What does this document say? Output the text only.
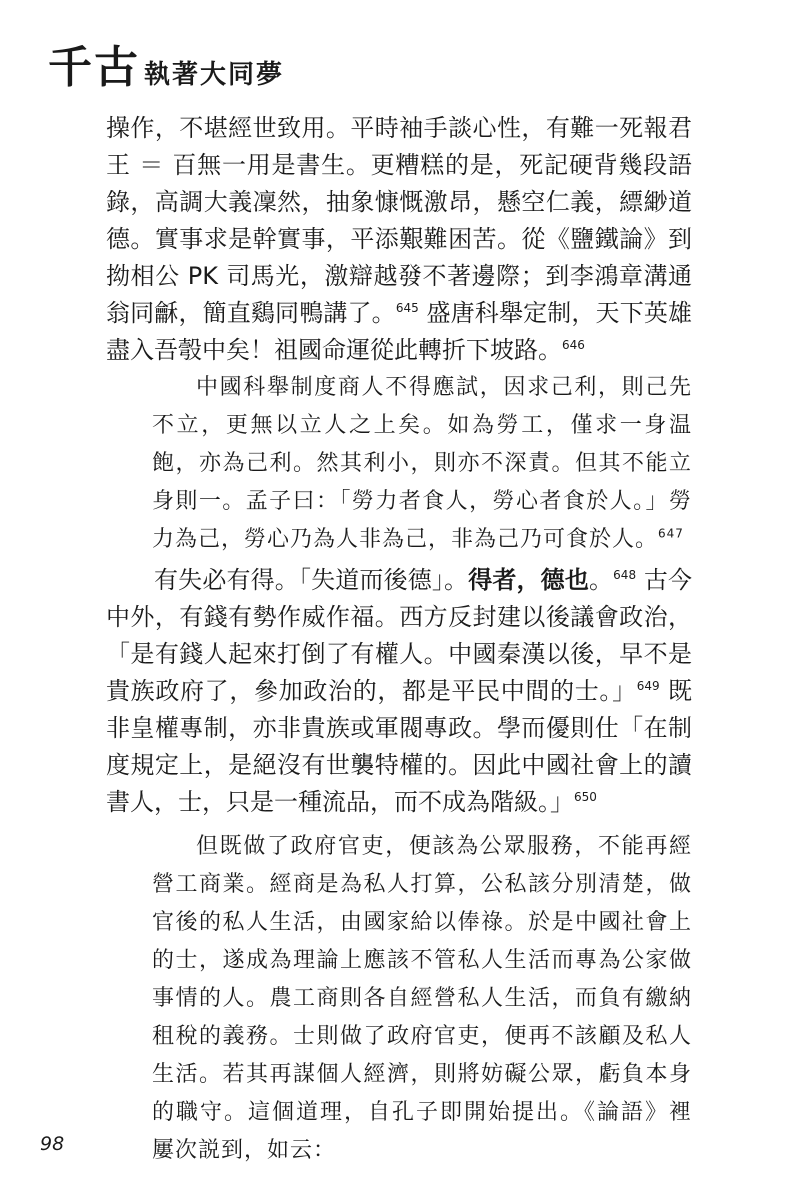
千古 執著大同夢

操作，不堪經世致用。平時袖手談心性，有難一死報君王 ＝ 百無一用是書生。更糟糕的是，死記硬背幾段語錄，高調大義凜然，抽象慷慨激昂，懸空仁義，縹緲道德。實事求是幹實事，平添艱難困苦。從《鹽鐵論》到拗相公 PK 司馬光，激辯越發不著邊際；到李鴻章溝通翁同龢，簡直鷄同鴨講了。$^{645}$ 盛唐科舉定制，天下英雄盡入吾彀中矣！祖國命運從此轉折下坡路。$^{646}$

中國科舉制度商人不得應試，因求己利，則己先不立，更無以立人之上矣。如為勞工，僅求一身温飽，亦為己利。然其利小，則亦不深責。但其不能立身則一。孟子曰：「勞力者食人，勞心者食於人。」勞力為己，勞心乃為人非為己，非為己乃可食於人。$^{647}$

有失必有得。「失道而後德」。得者，德也。$^{648}$ 古今中外，有錢有勢作威作福。西方反封建以後議會政治，「是有錢人起來打倒了有權人。中國秦漢以後，早不是貴族政府了，參加政治的，都是平民中間的士。」$^{649}$ 既非皇權專制，亦非貴族或軍閥專政。學而優則仕「在制度規定上，是絕沒有世襲特權的。因此中國社會上的讀書人，士，只是一種流品，而不成為階級。」$^{650}$

但既做了政府官吏，便該為公眾服務，不能再經營工商業。經商是為私人打算，公私該分別清楚，做官後的私人生活，由國家給以俸祿。於是中國社會上的士，遂成為理論上應該不管私人生活而專為公家做事情的人。農工商則各自經營私人生活，而負有繳納租稅的義務。士則做了政府官吏，便再不該顧及私人生活。若其再謀個人經濟，則將妨礙公眾，虧負本身的職守。這個道理，自孔子即開始提出。《論語》裡屢次説到，如云：

98
